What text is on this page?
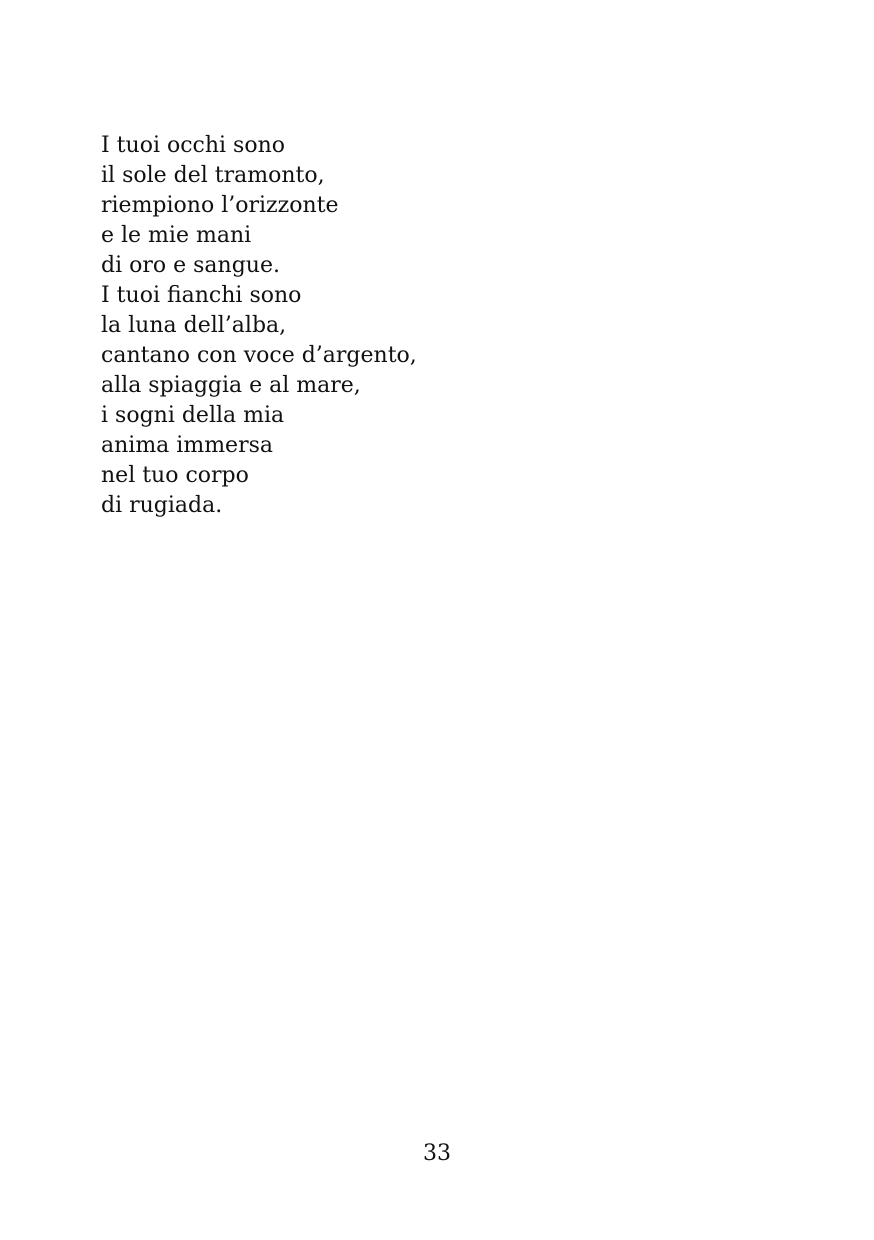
I tuoi occhi sono
il sole del tramonto,
riempiono l’orizzonte
e le mie mani
di oro e sangue.
I tuoi fianchi sono
la luna dell’alba,
cantano con voce d’argento,
alla spiaggia e al mare,
i sogni della mia
anima immersa
nel tuo corpo
di rugiada.
33
